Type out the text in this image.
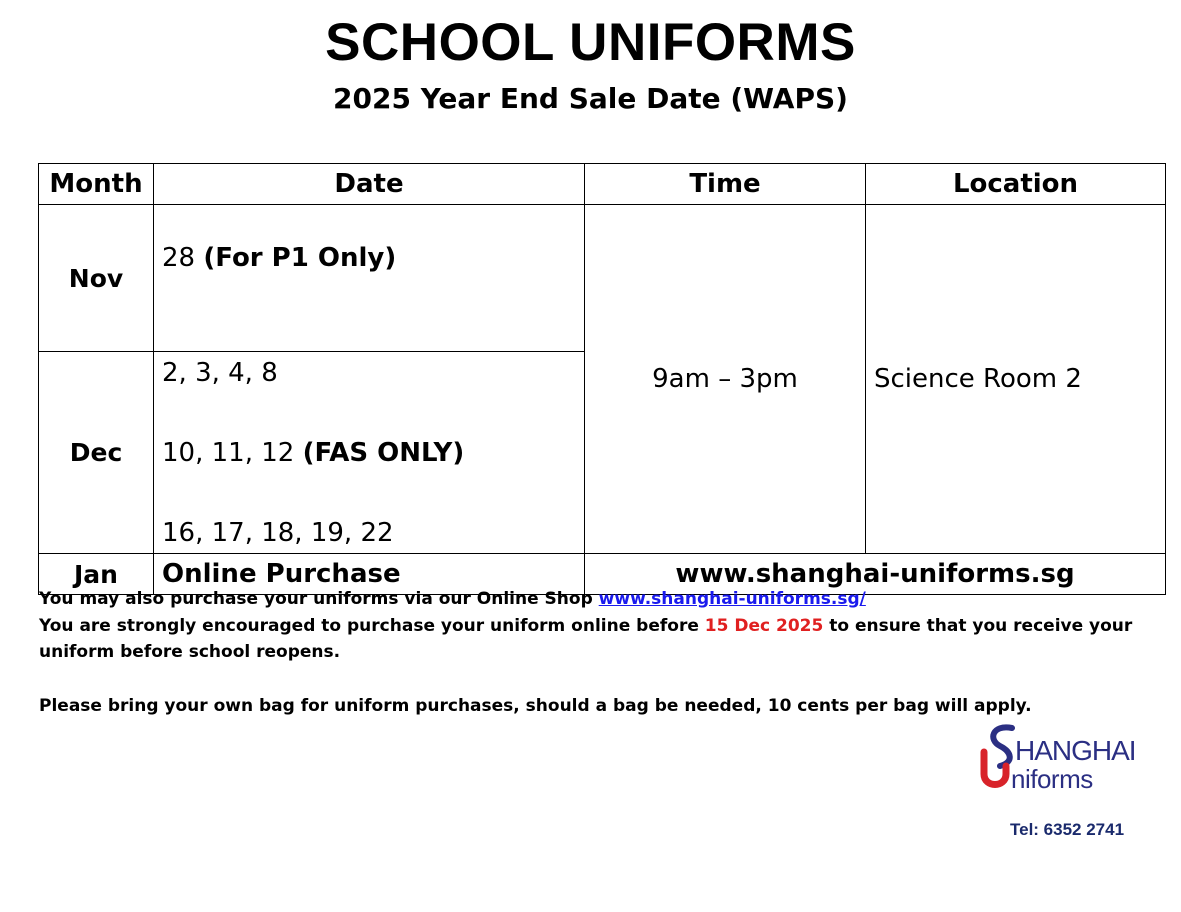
SCHOOL UNIFORMS
2025 Year End Sale Date (WAPS)
Month	Date	Time	Location
Nov	28 (For P1 Only)	9am – 3pm	Science Room 2
Dec	2, 3, 4, 8
10, 11, 12 (FAS ONLY)
16, 17, 18, 19, 22		

Jan	Online Purchase	www.shanghai-uniforms.sg	
You may also purchase your uniforms via our Online Shop www.shanghai-uniforms.sg/
You are strongly encouraged to purchase your uniform online before 15 Dec 2025 to ensure that you receive your
uniform before school reopens.
Please bring your own bag for uniform purchases, should a bag be needed, 10 cents per bag will apply.
HANGHAI
niforms
Tel: 6352 2741
